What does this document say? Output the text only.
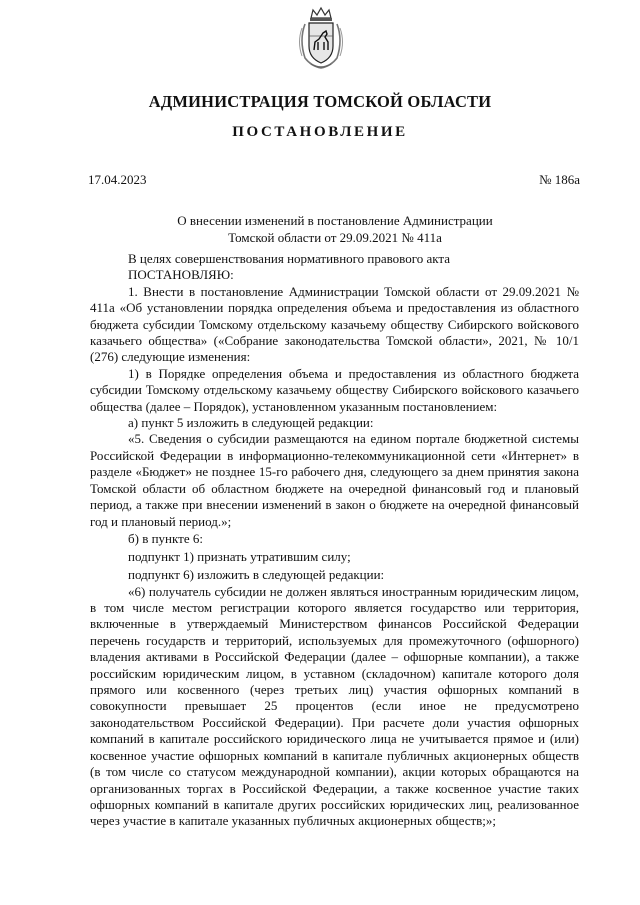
АДМИНИСТРАЦИЯ ТОМСКОЙ ОБЛАСТИ
ПОСТАНОВЛЕНИЕ
17.04.2023	№ 186а
О внесении изменений в постановление Администрации
Томской области от 29.09.2021 № 411а

В целях совершенствования нормативного правового акта

ПОСТАНОВЛЯЮ:

1. Внести в постановление Администрации Томской области от 29.09.2021 № 411а «Об установлении порядка определения объема и предоставления из областного бюджета субсидии Томскому отдельскому казачьему обществу Сибирского войскового казачьего общества» («Собрание законодательства Томской области», 2021, № 10/1 (276) следующие изменения:

1) в Порядке определения объема и предоставления из областного бюджета субсидии Томскому отдельскому казачьему обществу Сибирского войскового казачьего общества (далее – Порядок), установленном указанным постановлением:

а) пункт 5 изложить в следующей редакции:

«5. Сведения о субсидии размещаются на едином портале бюджетной системы Российской Федерации в информационно-телекоммуникационной сети «Интернет» в разделе «Бюджет» не позднее 15-го рабочего дня, следующего за днем принятия закона Томской области об областном бюджете на очередной финансовый год и плановый период, а также при внесении изменений в закон о бюджете на очередной финансовый год и плановый период.»;

б) в пункте 6:

подпункт 1) признать утратившим силу;

подпункт 6) изложить в следующей редакции:

«6) получатель субсидии не должен являться иностранным юридическим лицом, в том числе местом регистрации которого является государство или территория, включенные в утверждаемый Министерством финансов Российской Федерации перечень государств и территорий, используемых для промежуточного (офшорного) владения активами в Российской Федерации (далее – офшорные компании), а также российским юридическим лицом, в уставном (складочном) капитале которого доля прямого или косвенного (через третьих лиц) участия офшорных компаний в совокупности превышает 25 процентов (если иное не предусмотрено законодательством Российской Федерации). При расчете доли участия офшорных компаний в капитале российского юридического лица не учитывается прямое и (или) косвенное участие офшорных компаний в капитале публичных акционерных обществ (в том числе со статусом международной компании), акции которых обращаются на организованных торгах в Российской Федерации, а также косвенное участие таких офшорных компаний в капитале других российских юридических лиц, реализованное через участие в капитале указанных публичных акционерных обществ;»;
